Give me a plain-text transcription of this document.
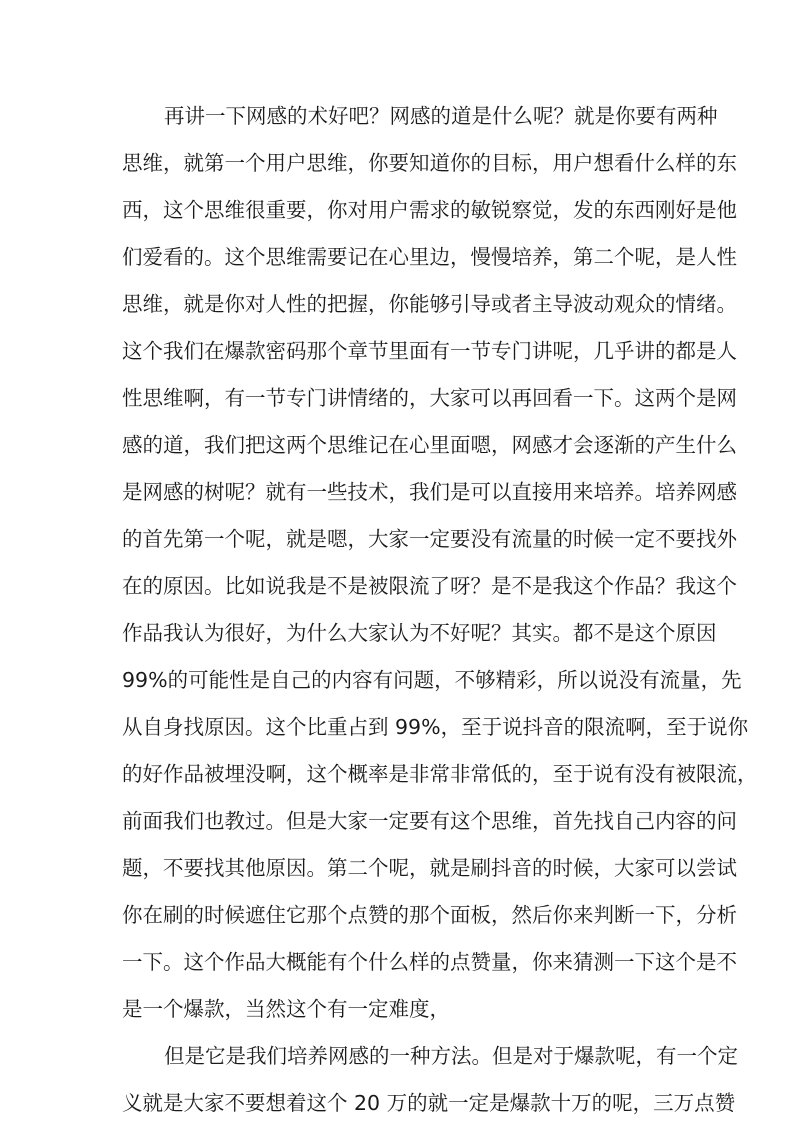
再讲一下网感的术好吧？网感的道是什么呢？就是你要有两种
思维，就第一个用户思维，你要知道你的目标，用户想看什么样的东
西，这个思维很重要，你对用户需求的敏锐察觉，发的东西刚好是他
们爱看的。这个思维需要记在心里边，慢慢培养，第二个呢，是人性
思维，就是你对人性的把握，你能够引导或者主导波动观众的情绪。
这个我们在爆款密码那个章节里面有一节专门讲呢，几乎讲的都是人
性思维啊，有一节专门讲情绪的，大家可以再回看一下。这两个是网
感的道，我们把这两个思维记在心里面嗯，网感才会逐渐的产生什么
是网感的树呢？就有一些技术，我们是可以直接用来培养。培养网感
的首先第一个呢，就是嗯，大家一定要没有流量的时候一定不要找外
在的原因。比如说我是不是被限流了呀？是不是我这个作品？我这个
作品我认为很好，为什么大家认为不好呢？其实。都不是这个原因
99%的可能性是自己的内容有问题，不够精彩，所以说没有流量，先
从自身找原因。这个比重占到 99%，至于说抖音的限流啊，至于说你
的好作品被埋没啊，这个概率是非常非常低的，至于说有没有被限流，
前面我们也教过。但是大家一定要有这个思维，首先找自己内容的问
题，不要找其他原因。第二个呢，就是刷抖音的时候，大家可以尝试
你在刷的时候遮住它那个点赞的那个面板，然后你来判断一下，分析
一下。这个作品大概能有个什么样的点赞量，你来猜测一下这个是不
是一个爆款，当然这个有一定难度，
但是它是我们培养网感的一种方法。但是对于爆款呢，有一个定
义就是大家不要想着这个 20 万的就一定是爆款十万的呢，三万点赞
